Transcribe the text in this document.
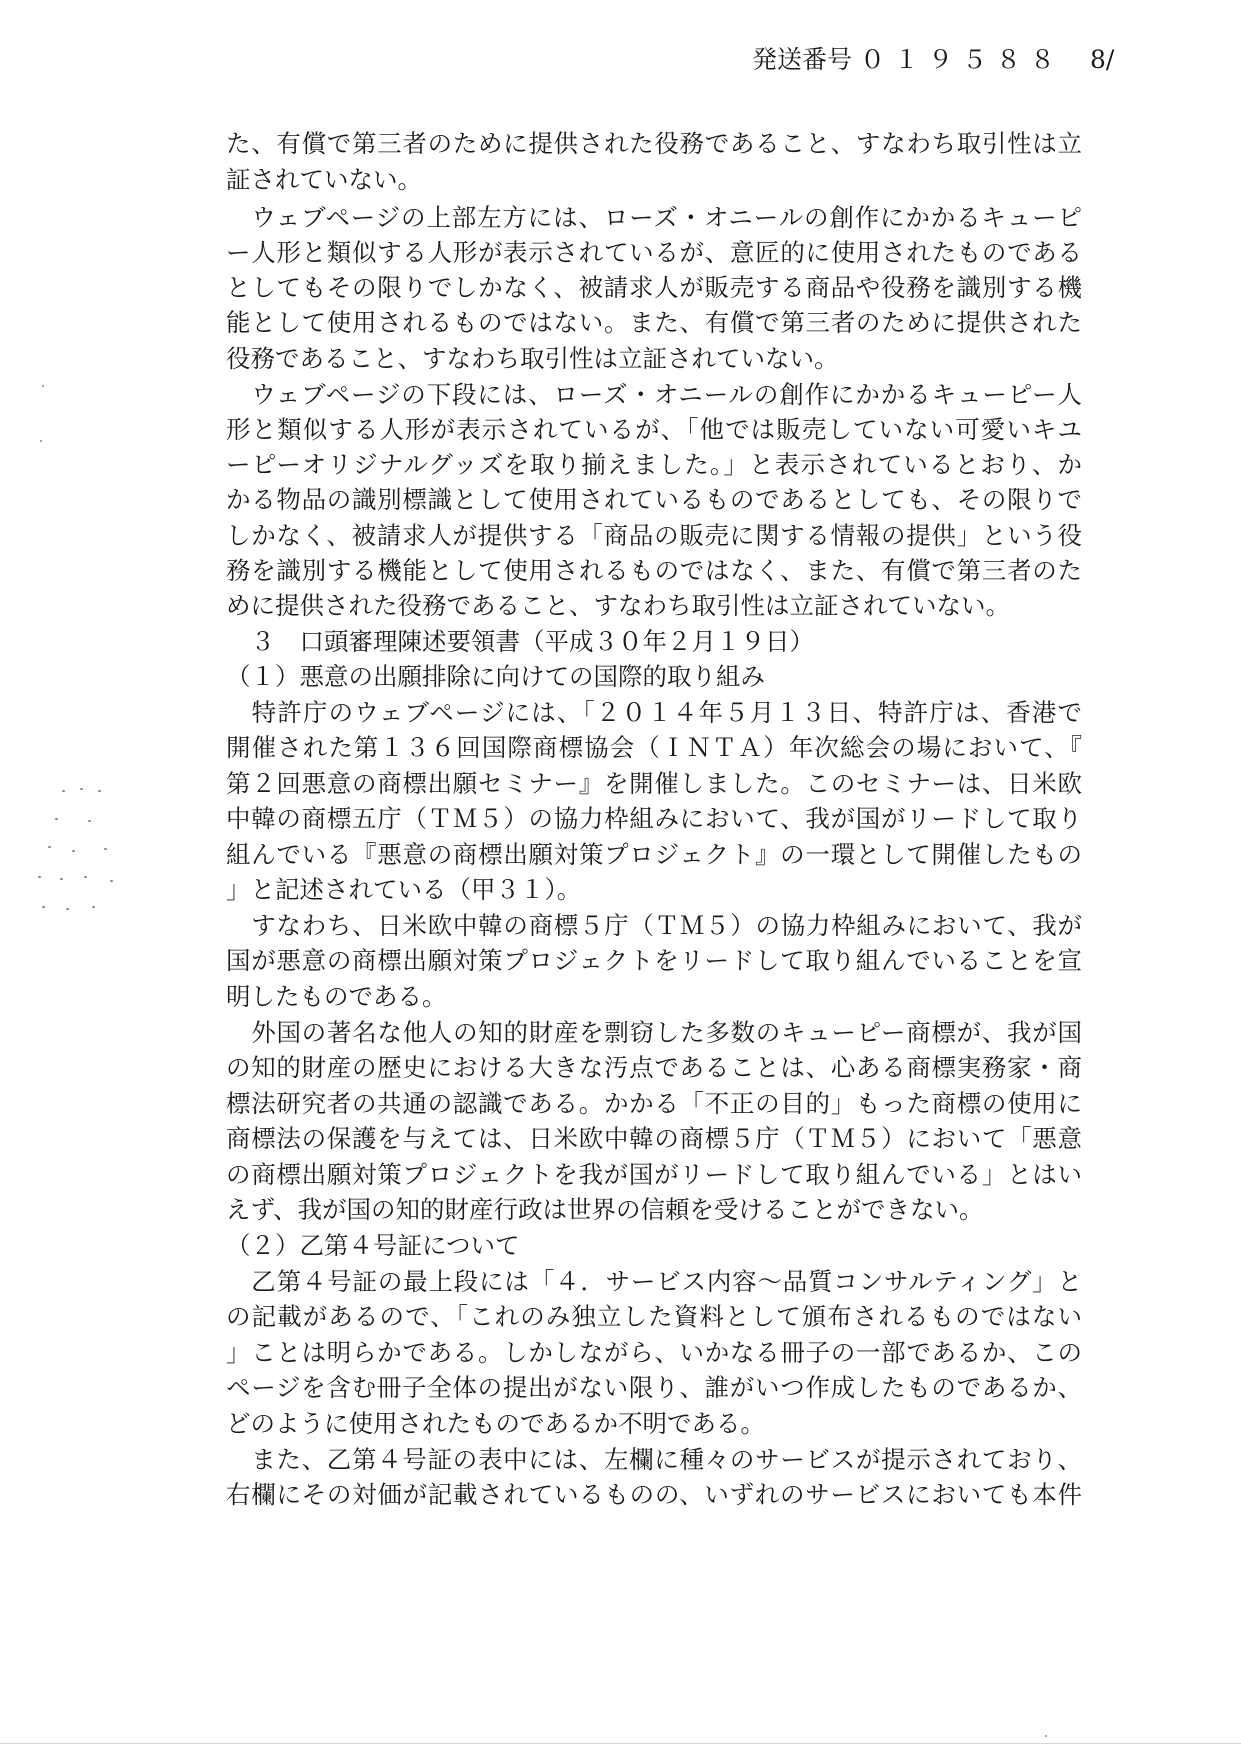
発送番号 ０１９５８８ 8/
た、有償で第三者のために提供された役務であること、すなわち取引性は立
証されていない。
　ウェブページの上部左方には、ローズ・オニールの創作にかかるキューピ
ー人形と類似する人形が表示されているが、意匠的に使用されたものである
としてもその限りでしかなく、被請求人が販売する商品や役務を識別する機
能として使用されるものではない。また、有償で第三者のために提供された
役務であること、すなわち取引性は立証されていない。
　ウェブページの下段には、ローズ・オニールの創作にかかるキューピー人
形と類似する人形が表示されているが、「他では販売していない可愛いキユ
ーピーオリジナルグッズを取り揃えました。」と表示されているとおり、か
かる物品の識別標識として使用されているものであるとしても、その限りで
しかなく、被請求人が提供する「商品の販売に関する情報の提供」という役
務を識別する機能として使用されるものではなく、また、有償で第三者のた
めに提供された役務であること、すなわち取引性は立証されていない。
　３　口頭審理陳述要領書（平成３０年２月１９日）
（１）悪意の出願排除に向けての国際的取り組み
　特許庁のウェブページには、「２０１４年５月１３日、特許庁は、香港で
開催された第１３６回国際商標協会（ＩＮＴＡ）年次総会の場において、『
第２回悪意の商標出願セミナー』を開催しました。このセミナーは、日米欧
中韓の商標五庁（ＴＭ５）の協力枠組みにおいて、我が国がリードして取り
組んでいる『悪意の商標出願対策プロジェクト』の一環として開催したもの
」と記述されている（甲３１）。
　すなわち、日米欧中韓の商標５庁（ＴＭ５）の協力枠組みにおいて、我が
国が悪意の商標出願対策プロジェクトをリードして取り組んでいることを宣
明したものである。
　外国の著名な他人の知的財産を剽窃した多数のキューピー商標が、我が国
の知的財産の歴史における大きな汚点であることは、心ある商標実務家・商
標法研究者の共通の認識である。かかる「不正の目的」もった商標の使用に
商標法の保護を与えては、日米欧中韓の商標５庁（ＴＭ５）において「悪意
の商標出願対策プロジェクトを我が国がリードして取り組んでいる」とはい
えず、我が国の知的財産行政は世界の信頼を受けることができない。
（２）乙第４号証について
　乙第４号証の最上段には「４．サービス内容～品質コンサルティング」と
の記載があるので、「これのみ独立した資料として頒布されるものではない
」ことは明らかである。しかしながら、いかなる冊子の一部であるか、この
ページを含む冊子全体の提出がない限り、誰がいつ作成したものであるか、
どのように使用されたものであるか不明である。
　また、乙第４号証の表中には、左欄に種々のサービスが提示されており、
右欄にその対価が記載されているものの、いずれのサービスにおいても本件
